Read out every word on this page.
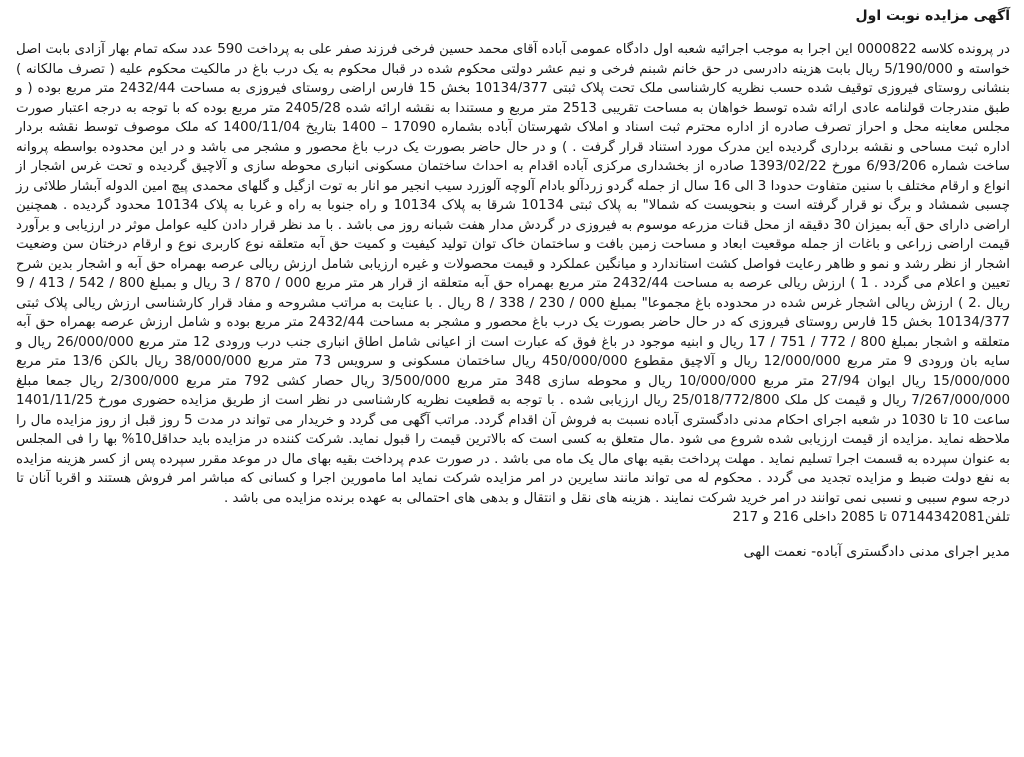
آگهی مزایده نوبت اول

در پرونده کلاسه 0000822 این اجرا به موجب اجرائیه شعبه اول دادگاه عمومی آباده آقای محمد حسین فرخی فرزند صفر علی به پرداخت 590 عدد سکه تمام بهار آزادی بابت اصل خواسته و 5/190/000 ریال بابت هزینه دادرسی در حق خانم شبنم فرخی و نیم عشر دولتی محکوم شده در قبال محکوم به یک درب باغ در مالکیت محکوم علیه ( تصرف مالکانه ) بنشانی روستای فیروزی توقیف شده حسب نظریه کارشناسی ملک تحت پلاک ثبتی 10134/377 بخش 15 فارس اراضی روستای فیروزی به مساحت 2432/44 متر مربع بوده ( و طبق مندرجات قولنامه عادی ارائه شده توسط خواهان به مساحت تقریبی 2513 متر مربع و مستندا به نقشه ارائه شده 2405/28 متر مربع بوده که با توجه به درجه اعتبار صورت مجلس معاینه محل و احراز تصرف صادره از اداره محترم ثبت اسناد و املاک شهرستان آباده بشماره 17090 – 1400 بتاریخ 1400/11/04 که ملک موصوف توسط نقشه بردار اداره ثبت مساحی و نقشه برداری گردیده این مدرک مورد استناد قرار گرفت . ) و در حال حاضر بصورت یک درب باغ محصور و مشجر می باشد و در این محدوده بواسطه پروانه ساخت شماره 6/93/206 مورخ 1393/02/22 صادره از بخشداری مرکزی آباده اقدام به احداث ساختمان مسکونی انباری محوطه سازی و آلاچیق گردیده و تحت غرس اشجار از انواع و ارقام مختلف با سنین متفاوت حدودا 3 الی 16 سال از جمله گردو زردآلو بادام آلوچه آلوزرد سیب انجیر مو انار به توت ازگیل و گلهای محمدی پیچ امین الدوله آبشار طلائی رز چسبی شمشاد و برگ نو قرار گرفته است و بنحویست که شمالا" به پلاک ثبتی 10134 شرقا به پلاک 10134 و راه جنوبا به راه و غربا به پلاک 10134 محدود گردیده . همچنین اراضی دارای حق آبه بمیزان 30 دقیقه از محل قنات مزرعه موسوم به فیروزی در گردش مدار هفت شبانه روز می باشد . با مد نظر قرار دادن کلیه عوامل موثر در ارزیابی و برآورد قیمت اراضی زراعی و باغات از جمله موقعیت ابعاد و مساحت زمین بافت و ساختمان خاک توان تولید کیفیت و کمیت حق آبه متعلقه نوع کاربری نوع و ارقام درختان سن وضعیت اشجار از نظر رشد و نمو و ظاهر رعایت فواصل کشت استاندارد و میانگین عملکرد و قیمت محصولات و غیره ارزیابی شامل ارزش ریالی عرصه بهمراه حق آبه و اشجار بدین شرح تعیین و اعلام می گردد . 1 ) ارزش ریالی عرصه به مساحت 2432/44 متر مربع بهمراه حق آبه متعلقه از قرار هر متر مربع 000 / 870 / 3 ریال و بمبلغ 800 / 542 / 413 / 9 ریال .2 ) ارزش ریالی اشجار غرس شده در محدوده باغ مجموعا" بمبلغ 000 / 230 / 338 / 8 ریال . با عنایت به مراتب مشروحه و مفاد قرار کارشناسی ارزش ریالی پلاک ثبتی 10134/377 بخش 15 فارس روستای فیروزی که در حال حاضر بصورت یک درب باغ محصور و مشجر به مساحت 2432/44 متر مربع بوده و شامل ارزش عرصه بهمراه حق آبه متعلقه و اشجار بمبلغ 800 / 772 / 751 / 17 ریال و ابنیه موجود در باغ فوق که عبارت است از اعیانی شامل اطاق انباری جنب درب ورودی 12 متر مربع 26/000/000 ریال و سایه بان ورودی 9 متر مربع 12/000/000 ریال و آلاچیق مقطوع 450/000/000 ریال ساختمان مسکونی و سرویس 73 متر مربع 38/000/000 ریال بالکن 13/6 متر مربع 15/000/000 ریال ایوان 27/94 متر مربع 10/000/000 ریال و محوطه سازی 348 متر مربع 3/500/000 ریال حصار کشی 792 متر مربع 2/300/000 ریال جمعا مبلغ 7/267/000/000 ریال و قیمت کل ملک 25/018/772/800 ریال ارزیابی شده . با توجه به قطعیت نظریه کارشناسی در نظر است از طریق مزایده حضوری مورخ 1401/11/25 ساعت 10 تا 1030 در شعبه اجرای احکام مدنی دادگستری آباده نسبت به فروش آن اقدام گردد. مراتب آگهی می گردد و خریدار می تواند در مدت 5 روز قبل از روز مزایده مال را ملاحظه نماید .مزایده از قیمت ارزیابی شده شروع می شود .مال متعلق به کسی است که بالاترین قیمت را قبول نماید. شرکت کننده در مزایده باید حداقل10% بها را فی المجلس به عنوان سپرده به قسمت اجرا تسلیم نماید . مهلت پرداخت بقیه بهای مال یک ماه می باشد . در صورت عدم پرداخت بقیه بهای مال در موعد مقرر سپرده پس از کسر هزینه مزایده به نفع دولت ضبط و مزایده تجدید می گردد . محکوم له می تواند مانند سایرین در امر مزایده شرکت نماید اما مامورین اجرا و کسانی که مباشر امر فروش هستند و اقربا آنان تا درجه سوم سببی و نسبی نمی توانند در امر خرید شرکت نمایند . هزینه های نقل و انتقال و بدهی های احتمالی به عهده برنده مزایده می باشد .

تلفن07144342081 تا 2085 داخلی 216 و 217

مدیر اجرای مدنی دادگستری آباده- نعمت الهی
